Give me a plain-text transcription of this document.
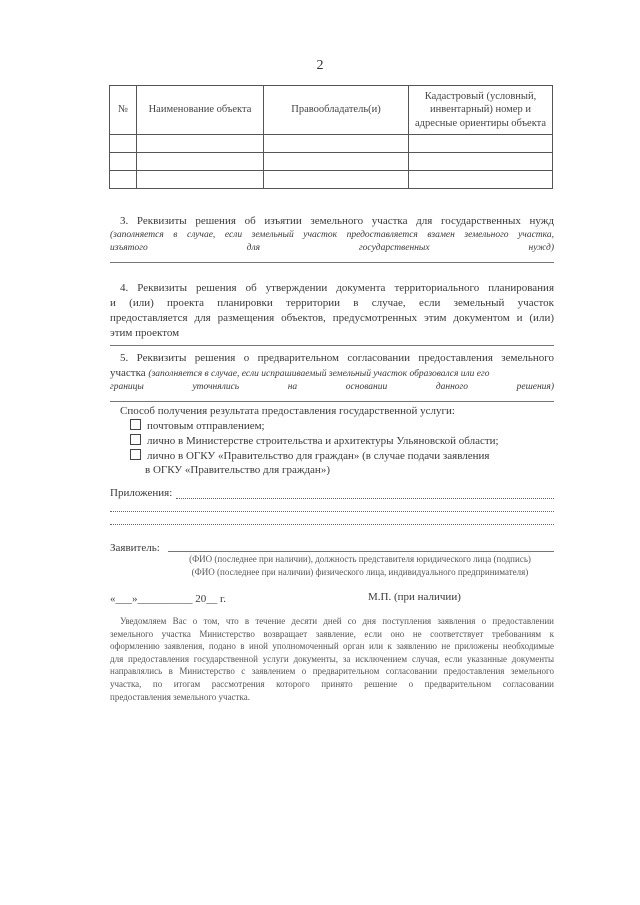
2
№	Наименование объекта	Правообладатель(и)	Кадастровый (условный, инвентарный) номер и адресные ориентиры объекта

3. Реквизиты решения об изъятии земельного участка для государственных нужд
(заполняется в случае, если земельный участок предоставляется взамен земельного участка,
изъятого для государственных нужд)
4. Реквизиты решения об утверждении документа территориального планирования
и (или) проекта планировки территории в случае, если земельный участок
предоставляется для размещения объектов, предусмотренных этим документом и (или)
этим проектом
5. Реквизиты решения о предварительном согласовании предоставления земельного
участка (заполняется в случае, если испрашиваемый земельный участок образовался или его
границы уточнялись на основании данного решения)
Способ получения результата предоставления государственной услуги:
почтовым отправлением;
лично в Министерстве строительства и архитектуры Ульяновской области;
лично в ОГКУ «Правительство для граждан» (в случае подачи заявления
в ОГКУ «Правительство для граждан»)
Приложения:
Заявитель:
(ФИО (последнее при наличии), должность представителя юридического лица (подпись)
(ФИО (последнее при наличии) физического лица, индивидуального предпринимателя)
«___»__________ 20__ г.	М.П. (при наличии)
Уведомляем Вас о том, что в течение десяти дней со дня поступления заявления о предоставлении
земельного участка Министерство возвращает заявление, если оно не соответствует требованиям к
оформлению заявления, подано в иной уполномоченный орган или к заявлению не приложены необходимые
для предоставления государственной услуги документы, за исключением случая, если указанные документы
направлялись в Министерство с заявлением о предварительном согласовании предоставления земельного
участка, по итогам рассмотрения которого принято решение о предварительном согласовании
предоставления земельного участка.
